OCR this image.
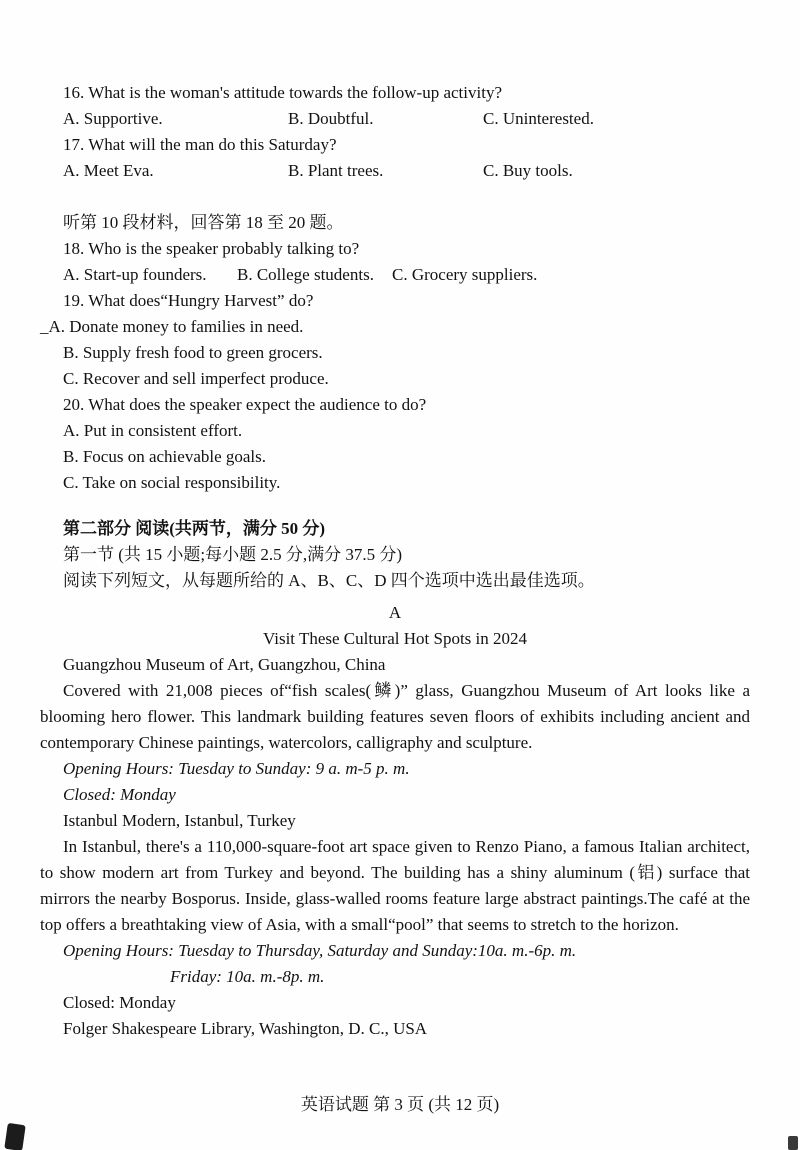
16. What is the woman's attitude towards the follow-up activity?
A. Supportive.	B. Doubtful.	C. Uninterested.
17. What will the man do this Saturday?
A. Meet Eva.	B. Plant trees.	C. Buy tools.
听第 10 段材料，回答第 18 至 20 题。
18. Who is the speaker probably talking to?
A. Start-up founders.	B. College students.	C. Grocery suppliers.
19. What does“Hungry Harvest” do?
_A. Donate money to families in need.
B. Supply fresh food to green grocers.
C. Recover and sell imperfect produce.
20. What does the speaker expect the audience to do?
A. Put in consistent effort.
B. Focus on achievable goals.
C. Take on social responsibility.
第二部分 阅读(共两节，满分 50 分)
第一节 (共 15 小题;每小题 2.5 分,满分 37.5 分)
阅读下列短文，从每题所给的 A、B、C、D 四个选项中选出最佳选项。
A
Visit These Cultural Hot Spots in 2024
Guangzhou Museum of Art, Guangzhou, China

Covered with 21,008 pieces of“fish scales(鳞)” glass, Guangzhou Museum of Art looks like a blooming hero flower. This landmark building features seven floors of exhibits including ancient and contemporary Chinese paintings, watercolors, calligraphy and sculpture.

Opening Hours: Tuesday to Sunday: 9 a. m-5 p. m.
Closed: Monday
Istanbul Modern, Istanbul, Turkey

In Istanbul, there's a 110,000-square-foot art space given to Renzo Piano, a famous Italian architect, to show modern art from Turkey and beyond. The building has a shiny aluminum (铝) surface that mirrors the nearby Bosporus. Inside, glass-walled rooms feature large abstract paintings.The café at the top offers a breathtaking view of Asia, with a small“pool” that seems to stretch to the horizon.

Opening Hours: Tuesday to Thursday, Saturday and Sunday:10a. m.-6p. m.
Friday: 10a. m.-8p. m.
Closed: Monday
Folger Shakespeare Library, Washington, D. C., USA
英语试题 第 3 页 (共 12 页)
